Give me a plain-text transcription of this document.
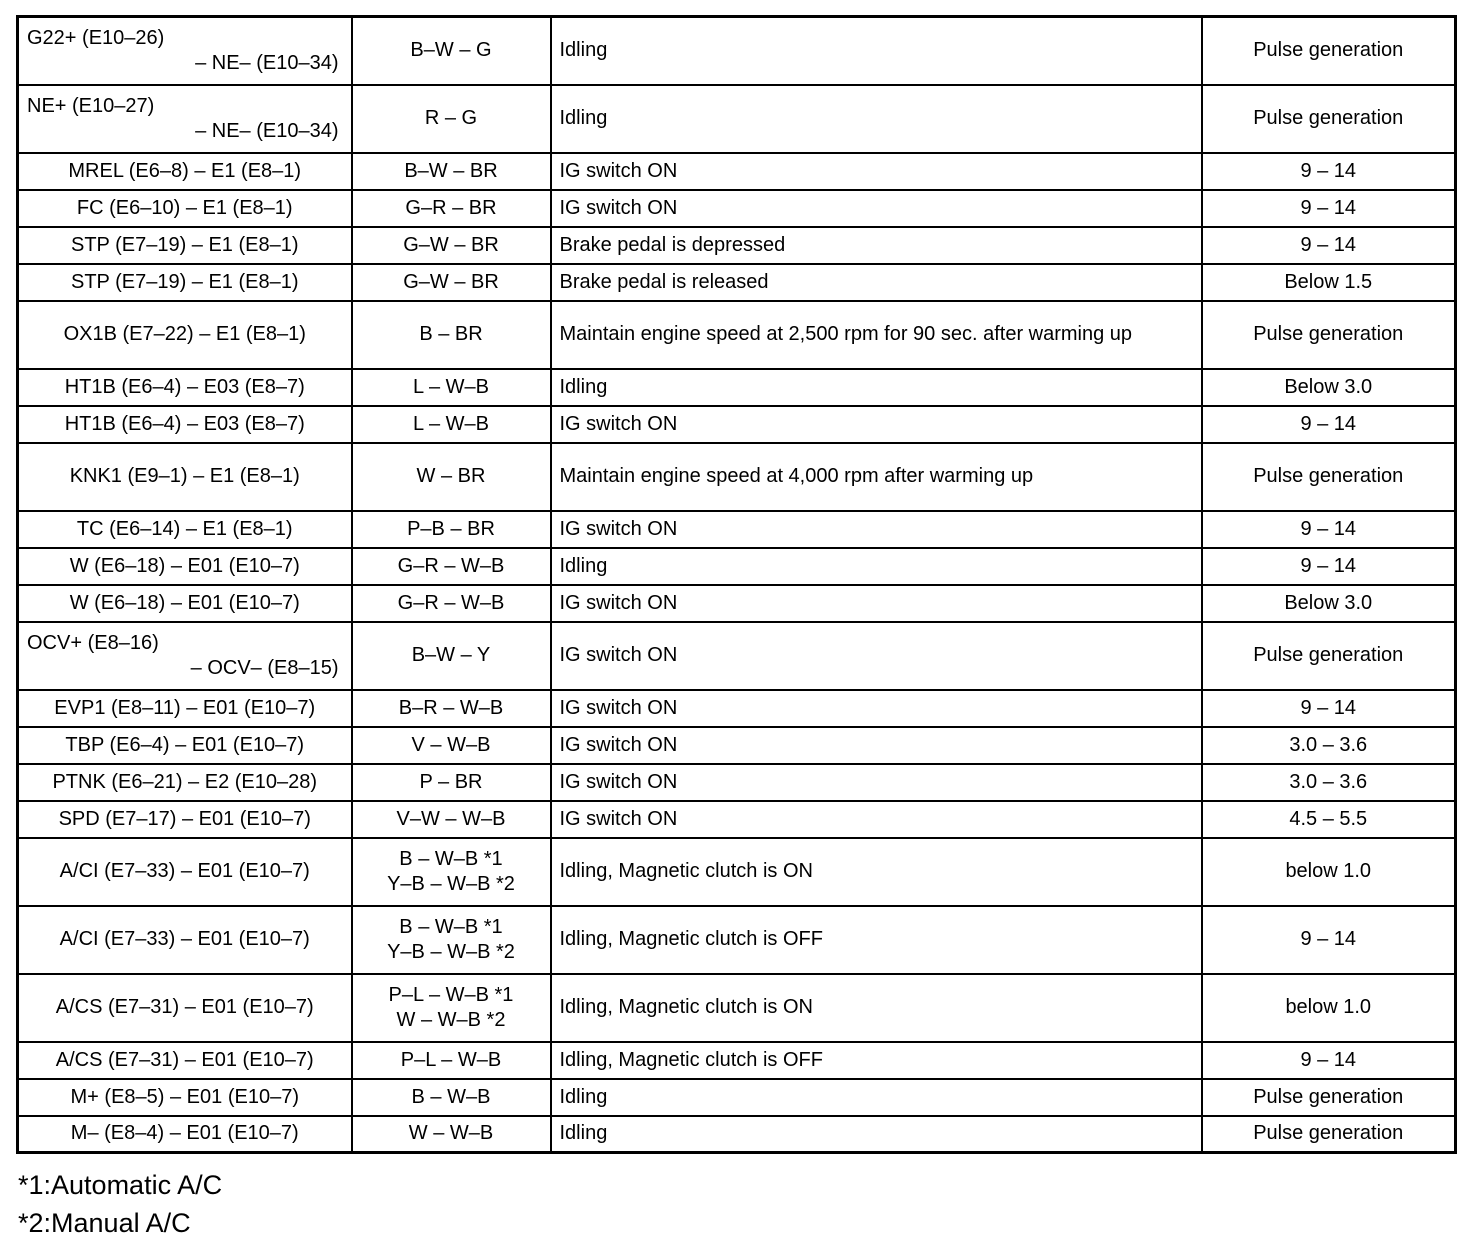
G22+ (E10–26)
– NE– (E10–34)	B–W – G	Idling	Pulse generation

NE+ (E10–27)
– NE– (E10–34)	R – G	Idling	Pulse generation
MREL (E6–8) – E1 (E8–1)	B–W – BR	IG switch ON	9 – 14
FC (E6–10) – E1 (E8–1)	G–R – BR	IG switch ON	9 – 14
STP (E7–19) – E1 (E8–1)	G–W – BR	Brake pedal is depressed	9 – 14
STP (E7–19) – E1 (E8–1)	G–W – BR	Brake pedal is released	Below 1.5
OX1B (E7–22) – E1 (E8–1)	B – BR	Maintain engine speed at 2,500 rpm for 90 sec. after warming up	Pulse generation
HT1B (E6–4) – E03 (E8–7)	L – W–B	Idling	Below 3.0
HT1B (E6–4) – E03 (E8–7)	L – W–B	IG switch ON	9 – 14
KNK1 (E9–1) – E1 (E8–1)	W – BR	Maintain engine speed at 4,000 rpm after warming up	Pulse generation
TC (E6–14) – E1 (E8–1)	P–B – BR	IG switch ON	9 – 14
W (E6–18) – E01 (E10–7)	G–R – W–B	Idling	9 – 14
W (E6–18) – E01 (E10–7)	G–R – W–B	IG switch ON	Below 3.0

OCV+ (E8–16)
– OCV– (E8–15)	B–W – Y	IG switch ON	Pulse generation
EVP1 (E8–11) – E01 (E10–7)	B–R – W–B	IG switch ON	9 – 14
TBP (E6–4) – E01 (E10–7)	V – W–B	IG switch ON	3.0 – 3.6
PTNK (E6–21) – E2 (E10–28)	P – BR	IG switch ON	3.0 – 3.6
SPD (E7–17) – E01 (E10–7)	V–W – W–B	IG switch ON	4.5 – 5.5
A/CI (E7–33) – E01 (E10–7)	B – W–B *1
Y–B – W–B *2	Idling, Magnetic clutch is ON	below 1.0
A/CI (E7–33) – E01 (E10–7)	B – W–B *1
Y–B – W–B *2	Idling, Magnetic clutch is OFF	9 – 14
A/CS (E7–31) – E01 (E10–7)	P–L – W–B *1
W – W–B *2	Idling, Magnetic clutch is ON	below 1.0
A/CS (E7–31) – E01 (E10–7)	P–L – W–B	Idling, Magnetic clutch is OFF	9 – 14
M+ (E8–5) – E01 (E10–7)	B – W–B	Idling	Pulse generation
M– (E8–4) – E01 (E10–7)	W – W–B	Idling	Pulse generation
*1:Automatic A/C
*2:Manual A/C
